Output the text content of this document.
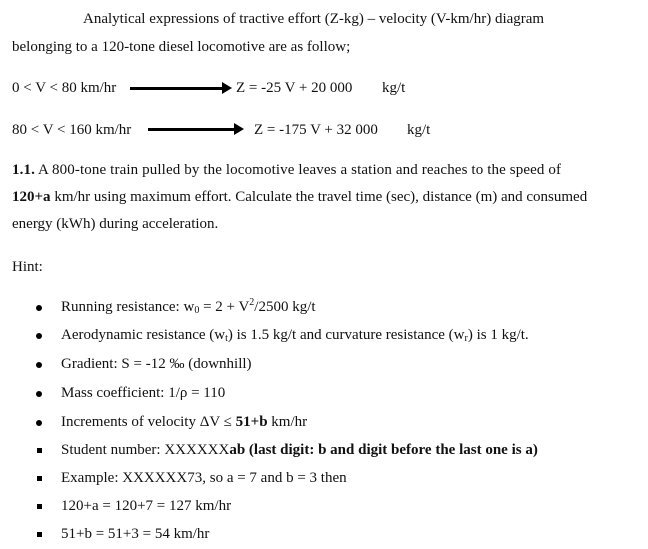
Analytical expressions of tractive effort (Z-kg) – velocity (V-km/hr) diagram
belonging to a 120-tone diesel locomotive are as follow;
0 < V < 80 km/hr	Z = -25 V + 20 000 kg/t
80 < V < 160 km/hr	Z = -175 V + 32 000 kg/t
1.1. A 800-tone train pulled by the locomotive leaves a station and reaches to the speed of
120+a km/hr using maximum effort. Calculate the travel time (sec), distance (m) and consumed
energy (kWh) during acceleration.
Hint:
Running resistance: $w_0 = 2 + V^2/2500$ kg/t
Aerodynamic resistance $(w_t)$ is 1.5 kg/t and curvature resistance $(w_r)$ is 1 kg/t.
Gradient: S = -12 ‰ (downhill)
Mass coefficient: 1/ρ = 110
Increments of velocity ΔV ≤ 51+b km/hr
Student number: XXXXXXab (last digit: b and digit before the last one is a)
Example: XXXXXX73, so a = 7 and b = 3 then
120+a = 120+7 = 127 km/hr
51+b = 51+3 = 54 km/hr
